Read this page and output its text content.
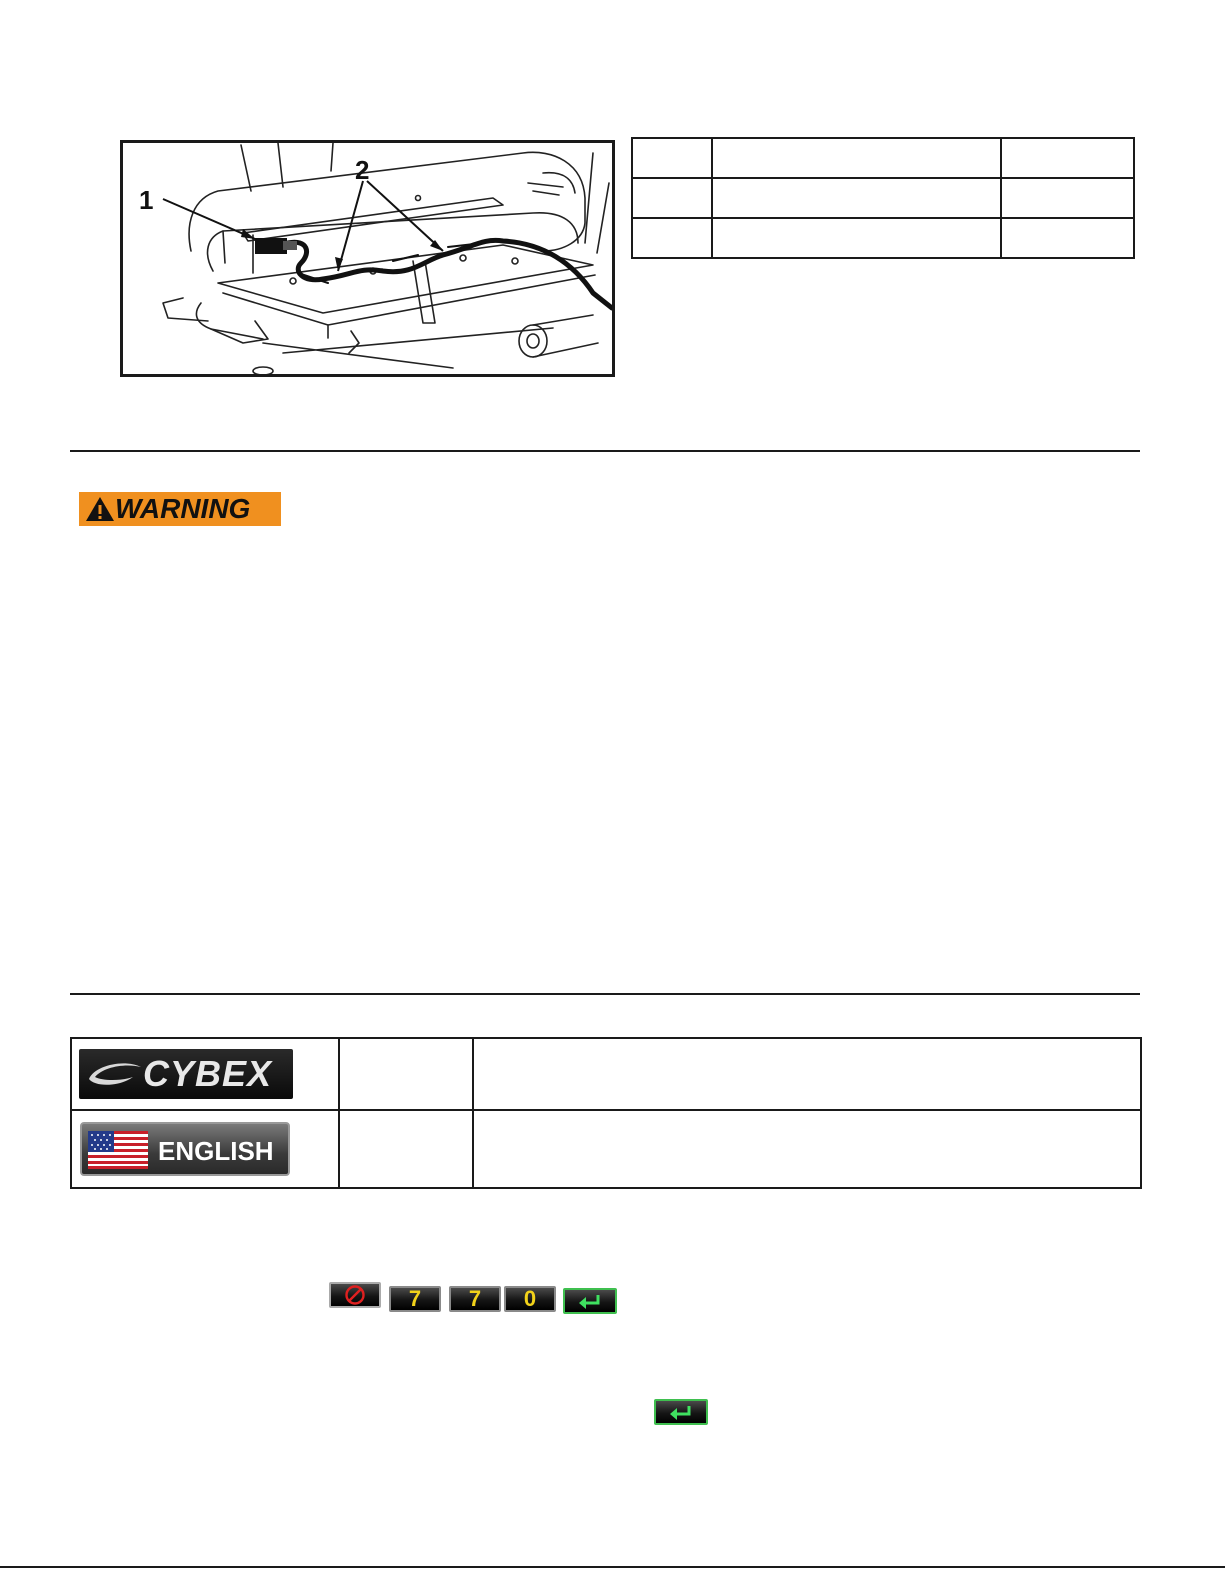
1
2

WARNING
CYBEX		

ENGLISH		

7	7	0
